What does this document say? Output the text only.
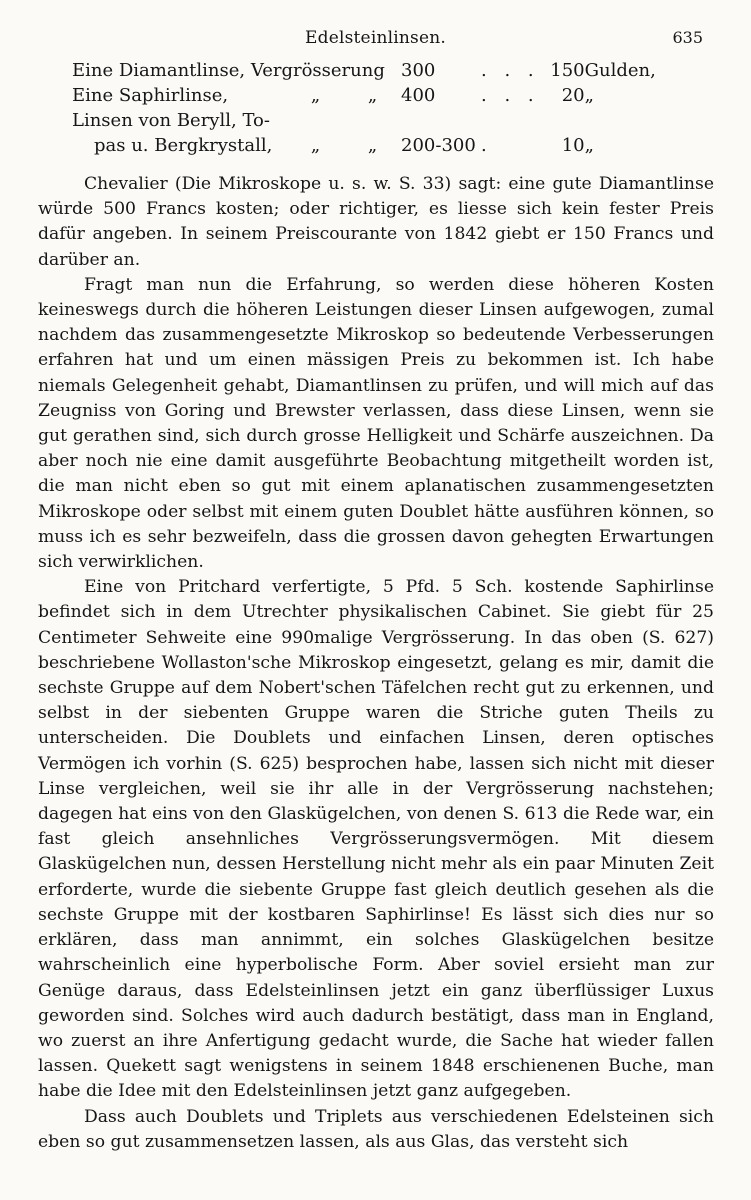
Edelsteinlinsen.	635
Eine Diamantlinse, Vergrösserung			300	. . .	150	Gulden,
Eine Saphirlinse,	„	„	400	. . .	20	„
Linsen von Beryll, To-						
pas u. Bergkrystall,	„	„	200-300	.	10	„

Chevalier (Die Mikroskope u. s. w. S. 33) sagt: eine gute Diamantlinse würde 500 Francs kosten; oder richtiger, es liesse sich kein fester Preis dafür angeben. In seinem Preiscourante von 1842 giebt er 150 Francs und darüber an.

Fragt man nun die Erfahrung, so werden diese höheren Kosten keineswegs durch die höheren Leistungen dieser Linsen aufgewogen, zumal nachdem das zusammengesetzte Mikroskop so bedeutende Verbesserungen erfahren hat und um einen mässigen Preis zu bekommen ist. Ich habe niemals Gelegenheit gehabt, Diamantlinsen zu prüfen, und will mich auf das Zeugniss von Goring und Brewster verlassen, dass diese Linsen, wenn sie gut gerathen sind, sich durch grosse Helligkeit und Schärfe auszeichnen. Da aber noch nie eine damit ausgeführte Beobachtung mitgetheilt worden ist, die man nicht eben so gut mit einem aplanatischen zusammengesetzten Mikroskope oder selbst mit einem guten Doublet hätte ausführen können, so muss ich es sehr bezweifeln, dass die grossen davon gehegten Erwartungen sich verwirklichen.

Eine von Pritchard verfertigte, 5 Pfd. 5 Sch. kostende Saphirlinse befindet sich in dem Utrechter physikalischen Cabinet. Sie giebt für 25 Centimeter Sehweite eine 990malige Vergrösserung. In das oben (S. 627) beschriebene Wollaston'sche Mikroskop eingesetzt, gelang es mir, damit die sechste Gruppe auf dem Nobert'schen Täfelchen recht gut zu erkennen, und selbst in der siebenten Gruppe waren die Striche guten Theils zu unterscheiden. Die Doublets und einfachen Linsen, deren optisches Vermögen ich vorhin (S. 625) besprochen habe, lassen sich nicht mit dieser Linse vergleichen, weil sie ihr alle in der Vergrösserung nachstehen; dagegen hat eins von den Glaskügelchen, von denen S. 613 die Rede war, ein fast gleich ansehnliches Vergrösserungsvermögen. Mit diesem Glaskügelchen nun, dessen Herstellung nicht mehr als ein paar Minuten Zeit erforderte, wurde die siebente Gruppe fast gleich deutlich gesehen als die sechste Gruppe mit der kostbaren Saphirlinse! Es lässt sich dies nur so erklären, dass man annimmt, ein solches Glaskügelchen besitze wahrscheinlich eine hyperbolische Form. Aber soviel ersieht man zur Genüge daraus, dass Edelsteinlinsen jetzt ein ganz überflüssiger Luxus geworden sind. Solches wird auch dadurch bestätigt, dass man in England, wo zuerst an ihre Anfertigung gedacht wurde, die Sache hat wieder fallen lassen. Quekett sagt wenigstens in seinem 1848 erschienenen Buche, man habe die Idee mit den Edelsteinlinsen jetzt ganz aufgegeben.

Dass auch Doublets und Triplets aus verschiedenen Edelsteinen sich eben so gut zusammensetzen lassen, als aus Glas, das versteht sich
